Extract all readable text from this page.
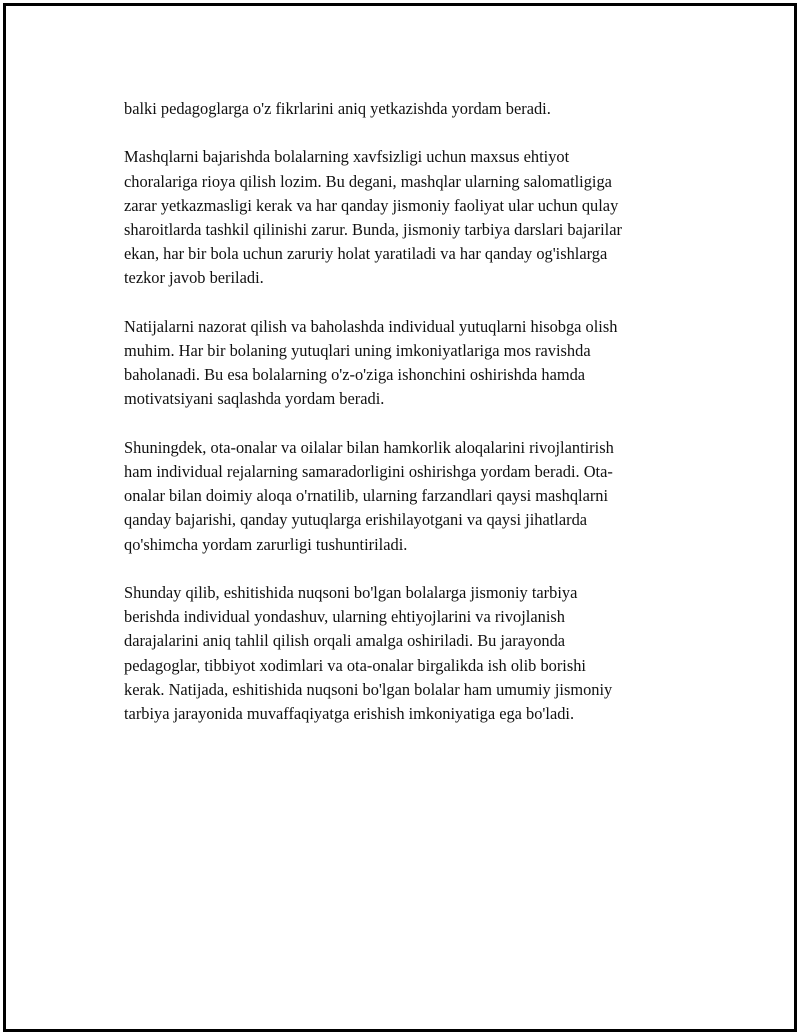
balki pedagoglarga o'z fikrlarini aniq yetkazishda yordam beradi.

Mashqlarni bajarishda bolalarning xavfsizligi uchun maxsus ehtiyot
choralariga rioya qilish lozim. Bu degani, mashqlar ularning salomatligiga
zarar yetkazmasligi kerak va har qanday jismoniy faoliyat ular uchun qulay
sharoitlarda tashkil qilinishi zarur. Bunda, jismoniy tarbiya darslari bajarilar
ekan, har bir bola uchun zaruriy holat yaratiladi va har qanday og'ishlarga
tezkor javob beriladi.

Natijalarni nazorat qilish va baholashda individual yutuqlarni hisobga olish
muhim. Har bir bolaning yutuqlari uning imkoniyatlariga mos ravishda
baholanadi. Bu esa bolalarning o'z-o'ziga ishonchini oshirishda hamda
motivatsiyani saqlashda yordam beradi.

Shuningdek, ota-onalar va oilalar bilan hamkorlik aloqalarini rivojlantirish
ham individual rejalarning samaradorligini oshirishga yordam beradi. Ota-
onalar bilan doimiy aloqa o'rnatilib, ularning farzandlari qaysi mashqlarni
qanday bajarishi, qanday yutuqlarga erishilayotgani va qaysi jihatlarda
qo'shimcha yordam zarurligi tushuntiriladi.

Shunday qilib, eshitishida nuqsoni bo'lgan bolalarga jismoniy tarbiya
berishda individual yondashuv, ularning ehtiyojlarini va rivojlanish
darajalarini aniq tahlil qilish orqali amalga oshiriladi. Bu jarayonda
pedagoglar, tibbiyot xodimlari va ota-onalar birgalikda ish olib borishi
kerak. Natijada, eshitishida nuqsoni bo'lgan bolalar ham umumiy jismoniy
tarbiya jarayonida muvaffaqiyatga erishish imkoniyatiga ega bo'ladi.
